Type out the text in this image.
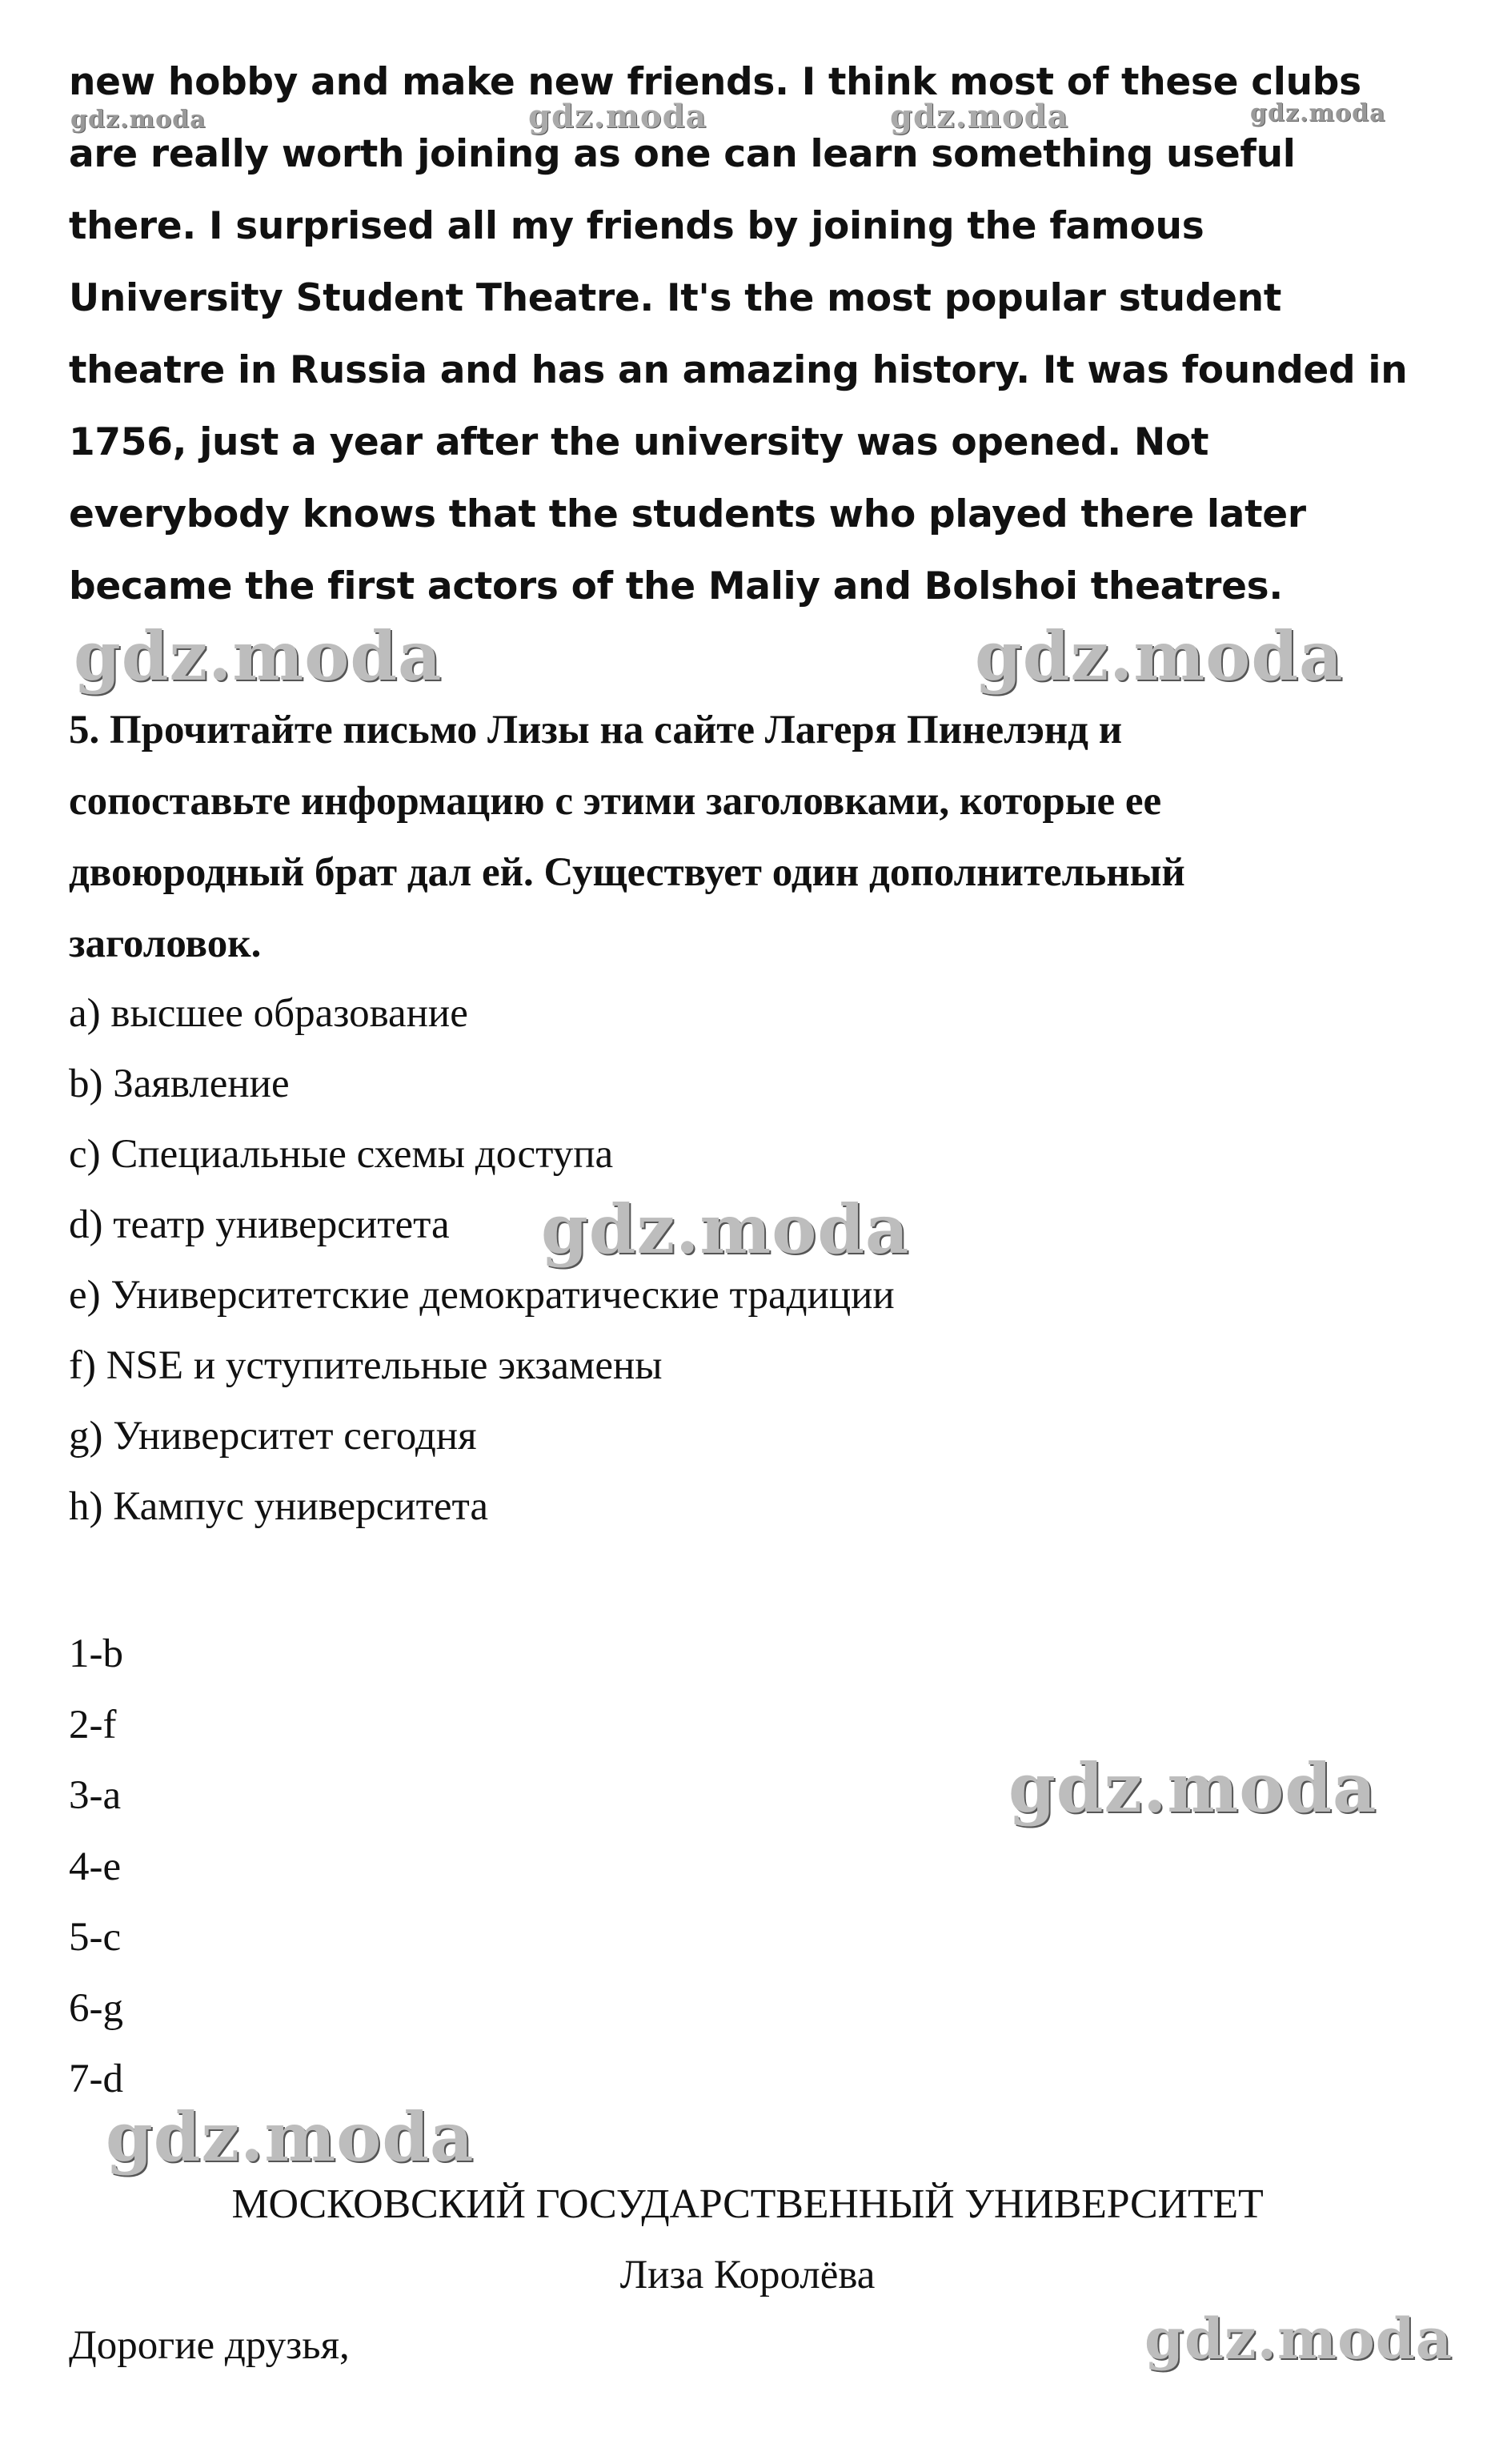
new hobby and make new friends. I think most of these clubs
are really worth joining as one can learn something useful
there. I surprised all my friends by joining the famous
University Student Theatre. It's the most popular student
theatre in Russia and has an amazing history. It was founded in
1756, just a year after the university was opened. Not
everybody knows that the students who played there later
became the first actors of the Maliy and Bolshoi theatres.
5. Прочитайте письмо Лизы на сайте Лагеря Пинелэнд и
сопоставьте информацию с этими заголовками, которые ее
двоюродный брат дал ей. Существует один дополнительный
заголовок.
a) высшее образование
b) Заявление
c) Специальные схемы доступа
d) театр университета
e) Университетские демократические традиции
f) NSE и уступительные экзамены
g) Университет сегодня
h) Кампус университета
1-b
2-f
3-a
4-e
5-c
6-g
7-d
МОСКОВСКИЙ ГОСУДАРСТВЕННЫЙ УНИВЕРСИТЕТ
Лиза Королёва
Дорогие друзья,
gdz.moda	gdz.moda	gdz.moda	gdz.moda
gdz.moda	gdz.moda
gdz.moda
gdz.moda
gdz.moda
gdz.moda
